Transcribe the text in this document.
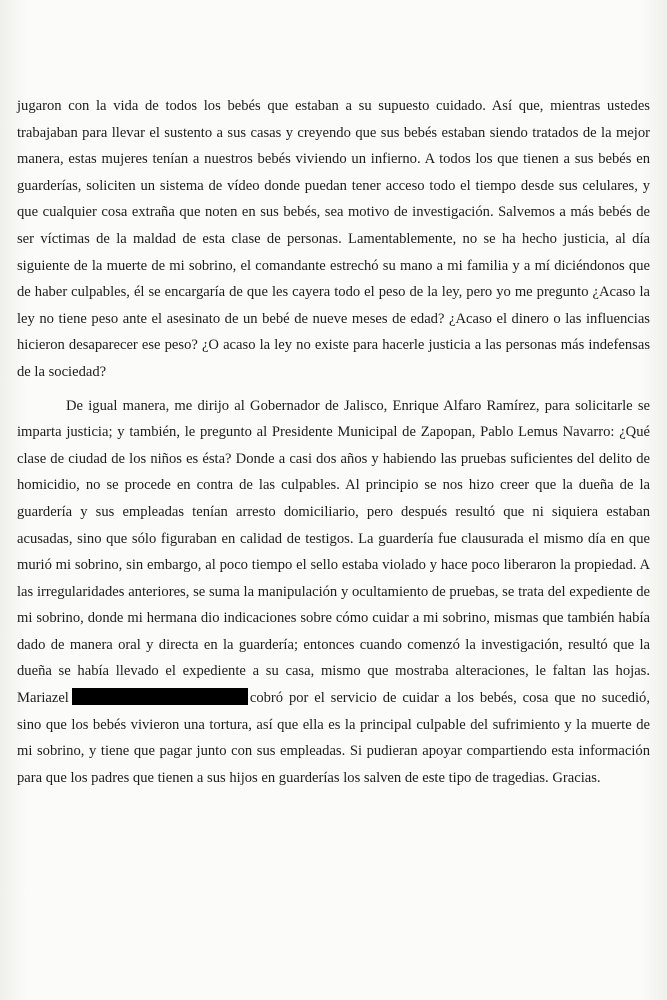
jugaron con la vida de todos los bebés que estaban a su supuesto cuidado. Así que, mientras ustedes trabajaban para llevar el sustento a sus casas y creyendo que sus bebés estaban siendo tratados de la mejor manera, estas mujeres tenían a nuestros bebés viviendo un infierno. A todos los que tienen a sus bebés en guarderías, soliciten un sistema de vídeo donde puedan tener acceso todo el tiempo desde sus celulares, y que cualquier cosa extraña que noten en sus bebés, sea motivo de investigación. Salvemos a más bebés de ser víctimas de la maldad de esta clase de personas. Lamentablemente, no se ha hecho justicia, al día siguiente de la muerte de mi sobrino, el comandante estrechó su mano a mi familia y a mí diciéndonos que de haber culpables, él se encargaría de que les cayera todo el peso de la ley, pero yo me pregunto ¿Acaso la ley no tiene peso ante el asesinato de un bebé de nueve meses de edad? ¿Acaso el dinero o las influencias hicieron desaparecer ese peso? ¿O acaso la ley no existe para hacerle justicia a las personas más indefensas de la sociedad?

De igual manera, me dirijo al Gobernador de Jalisco, Enrique Alfaro Ramírez, para solicitarle se imparta justicia; y también, le pregunto al Presidente Municipal de Zapopan, Pablo Lemus Navarro: ¿Qué clase de ciudad de los niños es ésta? Donde a casi dos años y habiendo las pruebas suficientes del delito de homicidio, no se procede en contra de las culpables. Al principio se nos hizo creer que la dueña de la guardería y sus empleadas tenían arresto domiciliario, pero después resultó que ni siquiera estaban acusadas, sino que sólo figuraban en calidad de testigos. La guardería fue clausurada el mismo día en que murió mi sobrino, sin embargo, al poco tiempo el sello estaba violado y hace poco liberaron la propiedad. A las irregularidades anteriores, se suma la manipulación y ocultamiento de pruebas, se trata del expediente de mi sobrino, donde mi hermana dio indicaciones sobre cómo cuidar a mi sobrino, mismas que también había dado de manera oral y directa en la guardería; entonces cuando comenzó la investigación, resultó que la dueña se había llevado el expediente a su casa, mismo que mostraba alteraciones, le faltan las hojas. Mariazel	cobró por el servicio de cuidar a los bebés, cosa que no sucedió, sino que los bebés vivieron una tortura, así que ella es la principal culpable del sufrimiento y la muerte de mi sobrino, y tiene que pagar junto con sus empleadas. Si pudieran apoyar compartiendo esta información para que los padres que tienen a sus hijos en guarderías los salven de este tipo de tragedias. Gracias.
